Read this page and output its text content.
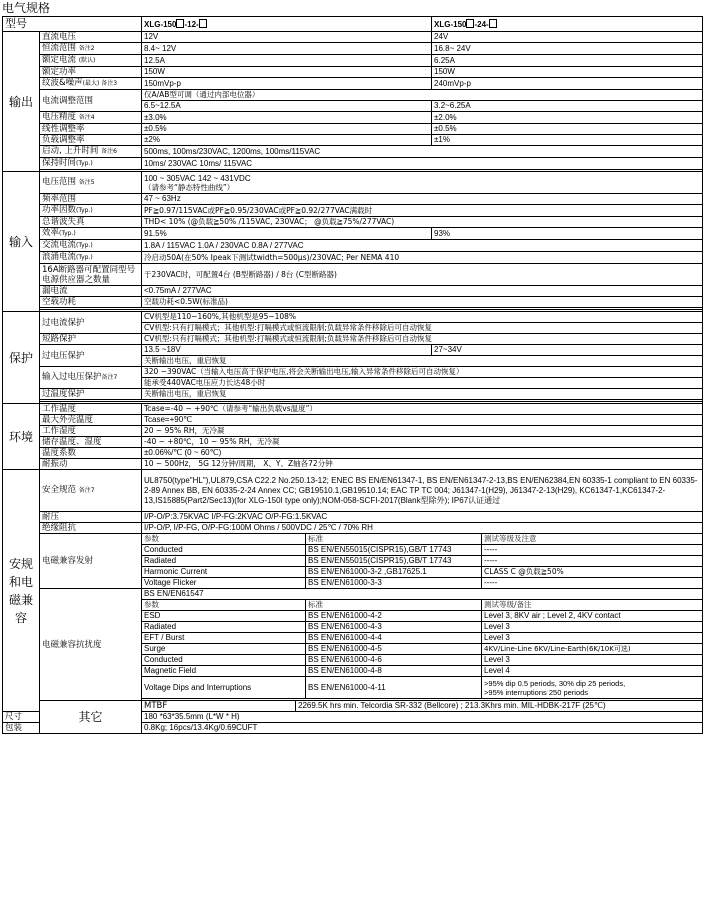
电气规格
型号		XLG-150 -12-			XLG-150 -24-	
输出	直流电压	12V			24V	
	恒流范围 备注2	8.4~ 12V			16.8~ 24V	
	额定电流 (默认)	12.5A			6.25A	
	额定功率	150W			150W	
	纹波&噪声(最大) 备注3	150mVp-p			240mVp-p	
	电流调整范围	仅A/AB型可调（通过内部电位器）				
		6.5~12.5A			3.2~6.25A	
	电压精度 备注4	±3.0%			±2.0%	
	线性调整率	±0.5%			±0.5%	
	负载调整率	±2%			±1%	
	启动, 上升时间 备注6	500ms, 100ms/230VAC, 1200ms, 100ms/115VAC				
	保持时间(Typ.)	10ms/ 230VAC 10ms/ 115VAC				

输入	电压范围 备注5	100 ~ 305VAC 142 ~ 431VDC
（请参考“静态特性曲线”）				

	频率范围	47 ~ 63Hz				
	功率因数(Typ.)	PF≧0.97/115VAC或PF≧0.95/230VAC或PF≧0.92/277VAC满载时				
	总谐波失真	THD< 10% (@负载≧50% /115VAC, 230VAC； @负载≧75%/277VAC)				
	效率(Typ.)	91.5%			93%	
	交流电流(Typ.)	1.8A / 115VAC 1.0A / 230VAC 0.8A / 277VAC				
	浪涌电流(Typ.)	冷启动50A(在50% Ipeak下测试twidth=500μs)/230VAC; Per NEMA 410				
	16A断路器可配置同型号电源供应器之数量	于230VAC时，可配置4台 (B型断路器) / 8台 (C型断路器)				
	漏电流	<0.75mA / 277VAC				
	空载功耗	空载功耗<0.5W(标准品)				

保护	过电流保护	CV机型是110~160%,其他机型是95~108%				
		CV机型:只有打嗝模式；其他机型:打嗝模式或恒流限制;负载异常条件移除后可自动恢复				
	短路保护	CV机型:只有打嗝模式；其他机型:打嗝模式或恒流限制;负载异常条件移除后可自动恢复				
	过电压保护	13.5 ~18V			27~34V	
		关断输出电压，重启恢复				
	输入过电压保护备注7	320 ~390VAC（当输入电压高于保护电压,将会关断输出电压,输入异常条件移除后可自动恢复）				
		能承受440VAC电压应力长达48小时				
	过温度保护	关断输出电压，重启恢复				

环境	工作温度	Tcase=-40 ~ +90℃（请参考“输出负载vs温度”）				
	最大外壳温度	Tcase=+90℃				
	工作湿度	20 ~ 95% RH，无冷凝				
	储存温度、湿度	-40 ~ +80℃，10 ~ 95% RH，无冷凝				
	温度系数	±0.06%/℃ (0 ~ 60℃)				
	耐振动	10 ~ 500Hz， 5G 12分钟/周期， X、Y、Z轴各72分钟				
安规和电磁兼容	安全规范 备注7	UL8750(type"HL"),UL879,CSA C22.2 No.250.13-12; ENEC BS EN/EN61347-1, BS EN/EN61347-2-13,BS EN/EN62384,EN 60335-1 compliant to EN 60335-2-89 Annex BB, EN 60335-2-24 Annex CC; GB19510.1,GB19510.14; EAC TP TC 004; J61347-1(H29), J61347-2-13(H29), KC61347-1,KC61347-2-13,IS15885(Part2/Sec13)(for XLG-150I type only);NOM-058-SCFI-2017(Blank型除外); IP67认证通过				
	耐压	I/P-O/P:3.75KVAC I/P-FG:2KVAC O/P-FG:1.5KVAC				
	绝缘阻抗	I/P-O/P, I/P-FG, O/P-FG:100M Ohms / 500VDC / 25℃ / 70% RH				
	电磁兼容发射	参数		标准		测试等级及注意
		Conducted		BS EN/EN55015(CISPR15),GB/T 17743		-----
		Radiated		BS EN/EN55015(CISPR15),GB/T 17743		-----
		Harmonic Current		BS EN/EN61000-3-2 ,GB17625.1		CLASS C @负载≧50%
		Voltage Flicker		BS EN/EN61000-3-3		-----
	电磁兼容抗扰度	BS EN/EN61547				
		参数		标准		测试等级/备注
		ESD		BS EN/EN61000-4-2		Level 3, 8KV air ; Level 2, 4KV contact
		Radiated		BS EN/EN61000-4-3		Level 3
		EFT / Burst		BS EN/EN61000-4-4		Level 3
		Surge		BS EN/EN61000-4-5		4KV/Line-Line 6KV/Line-Earth(6K/10K可选)
		Conducted		BS EN/EN61000-4-6		Level 3
		Magnetic Field		BS EN/EN61000-4-8		Level 4
		Voltage Dips and Interruptions		BS EN/EN61000-4-11		>95% dip 0.5 periods, 30% dip 25 periods,
>95% interruptions 250 periods

	其它	MTBF	2269.5K hrs min. Telcordia SR-332 (Bellcore) ; 213.3Khrs min. MIL-HDBK-217F (25℃)			
尺寸		180 *63*35.5mm (L*W * H)				
包装		0.8Kg; 16pcs/13.4Kg/0.69CUFT				
